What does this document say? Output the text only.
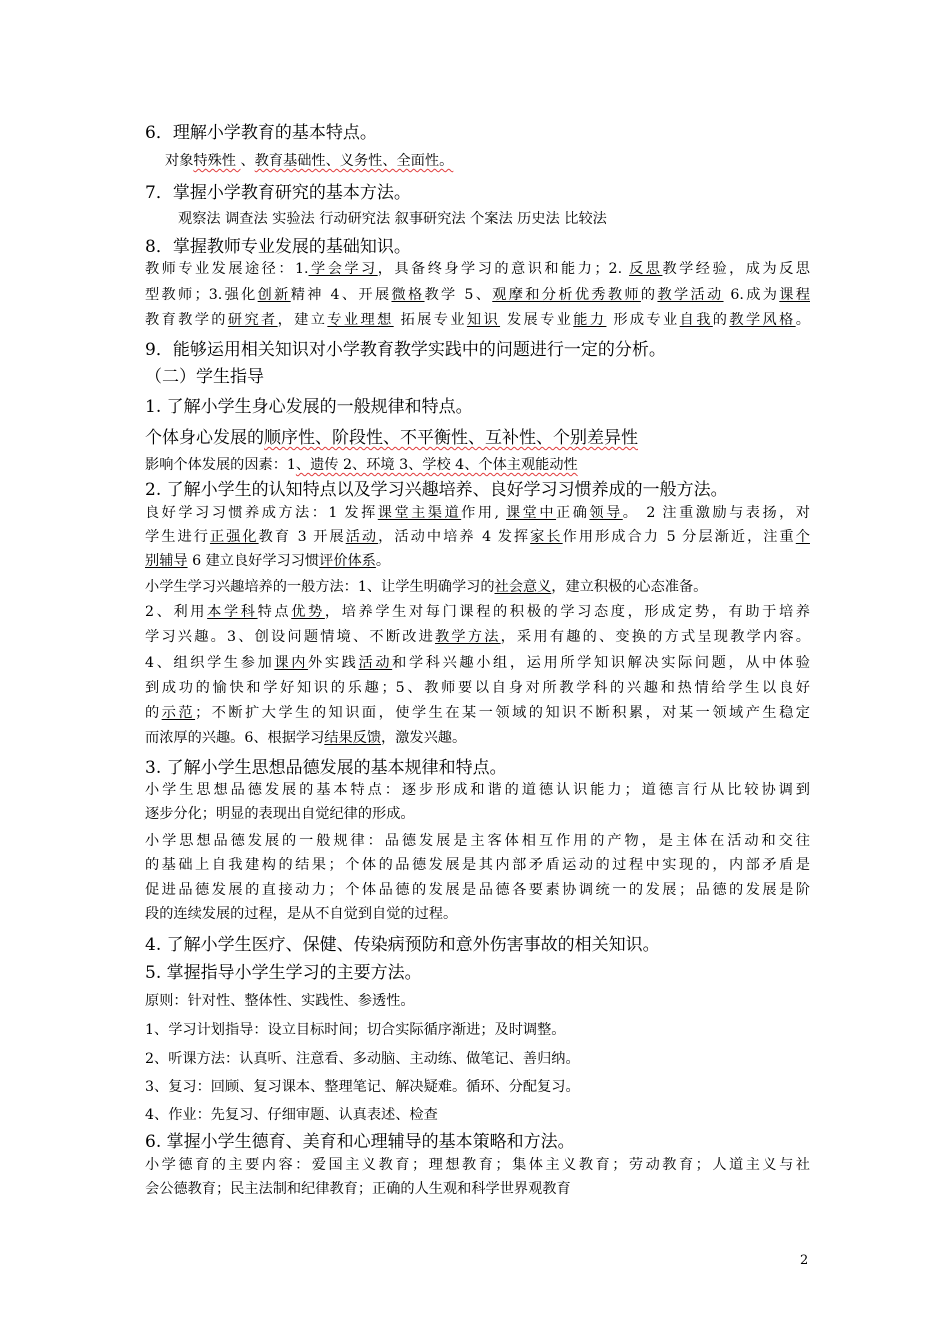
6．理解小学教育的基本特点。
对象特殊性 、教育基础性、义务性、全面性。
7．掌握小学教育研究的基本方法。
观察法 调查法 实验法 行动研究法 叙事研究法 个案法 历史法 比较法
8．掌握教师专业发展的基础知识。
教师专业发展途径：1.学会学习，具备终身学习的意识和能力；2. 反思教学经验，成为反思
型教师；3.强化创新精神 4、开展微格教学 5、观摩和分析优秀教师的教学活动 6.成为课程
教育教学的研究者，建立专业理想 拓展专业知识 发展专业能力 形成专业自我的教学风格。
9．能够运用相关知识对小学教育教学实践中的问题进行一定的分析。
（二）学生指导
1. 了解小学生身心发展的一般规律和特点。
个体身心发展的顺序性、阶段性、不平衡性、互补性、个别差异性
影响个体发展的因素：1、遗传 2、环境 3、学校 4、个体主观能动性
2. 了解小学生的认知特点以及学习兴趣培养、良好学习习惯养成的一般方法。
良好学习习惯养成方法：1 发挥课堂主渠道作用, 课堂中正确领导。 2 注重激励与表扬，对
学生进行正强化教育 3 开展活动，活动中培养 4 发挥家长作用形成合力 5 分层渐近，注重个
别辅导 6 建立良好学习习惯评价体系。
小学生学习兴趣培养的一般方法：1、让学生明确学习的社会意义，建立积极的心态准备。
2、利用本学科特点优势，培养学生对每门课程的积极的学习态度，形成定势，有助于培养
学习兴趣。3、创设问题情境、不断改进教学方法，采用有趣的、变换的方式呈现教学内容。
4、组织学生参加课内外实践活动和学科兴趣小组，运用所学知识解决实际问题，从中体验
到成功的愉快和学好知识的乐趣；5、教师要以自身对所教学科的兴趣和热情给学生以良好
的示范；不断扩大学生的知识面，使学生在某一领域的知识不断积累，对某一领域产生稳定
而浓厚的兴趣。6、根据学习结果反馈，激发兴趣。
3. 了解小学生思想品德发展的基本规律和特点。
小学生思想品德发展的基本特点：逐步形成和谐的道德认识能力；道德言行从比较协调到
逐步分化；明显的表现出自觉纪律的形成。
小学思想品德发展的一般规律：品德发展是主客体相互作用的产物，是主体在活动和交往
的基础上自我建构的结果；个体的品德发展是其内部矛盾运动的过程中实现的，内部矛盾是
促进品德发展的直接动力；个体品德的发展是品德各要素协调统一的发展；品德的发展是阶
段的连续发展的过程，是从不自觉到自觉的过程。
4. 了解小学生医疗、保健、传染病预防和意外伤害事故的相关知识。
5. 掌握指导小学生学习的主要方法。
原则：针对性、整体性、实践性、参透性。
1、学习计划指导：设立目标时间；切合实际循序渐进；及时调整。
2、听课方法：认真听、注意看、多动脑、主动练、做笔记、善归纳。
3、复习：回顾、复习课本、整理笔记、解决疑难。循环、分配复习。
4、作业：先复习、仔细审题、认真表述、检查
6. 掌握小学生德育、美育和心理辅导的基本策略和方法。
小学德育的主要内容：爱国主义教育；理想教育；集体主义教育；劳动教育；人道主义与社
会公德教育；民主法制和纪律教育；正确的人生观和科学世界观教育
2
